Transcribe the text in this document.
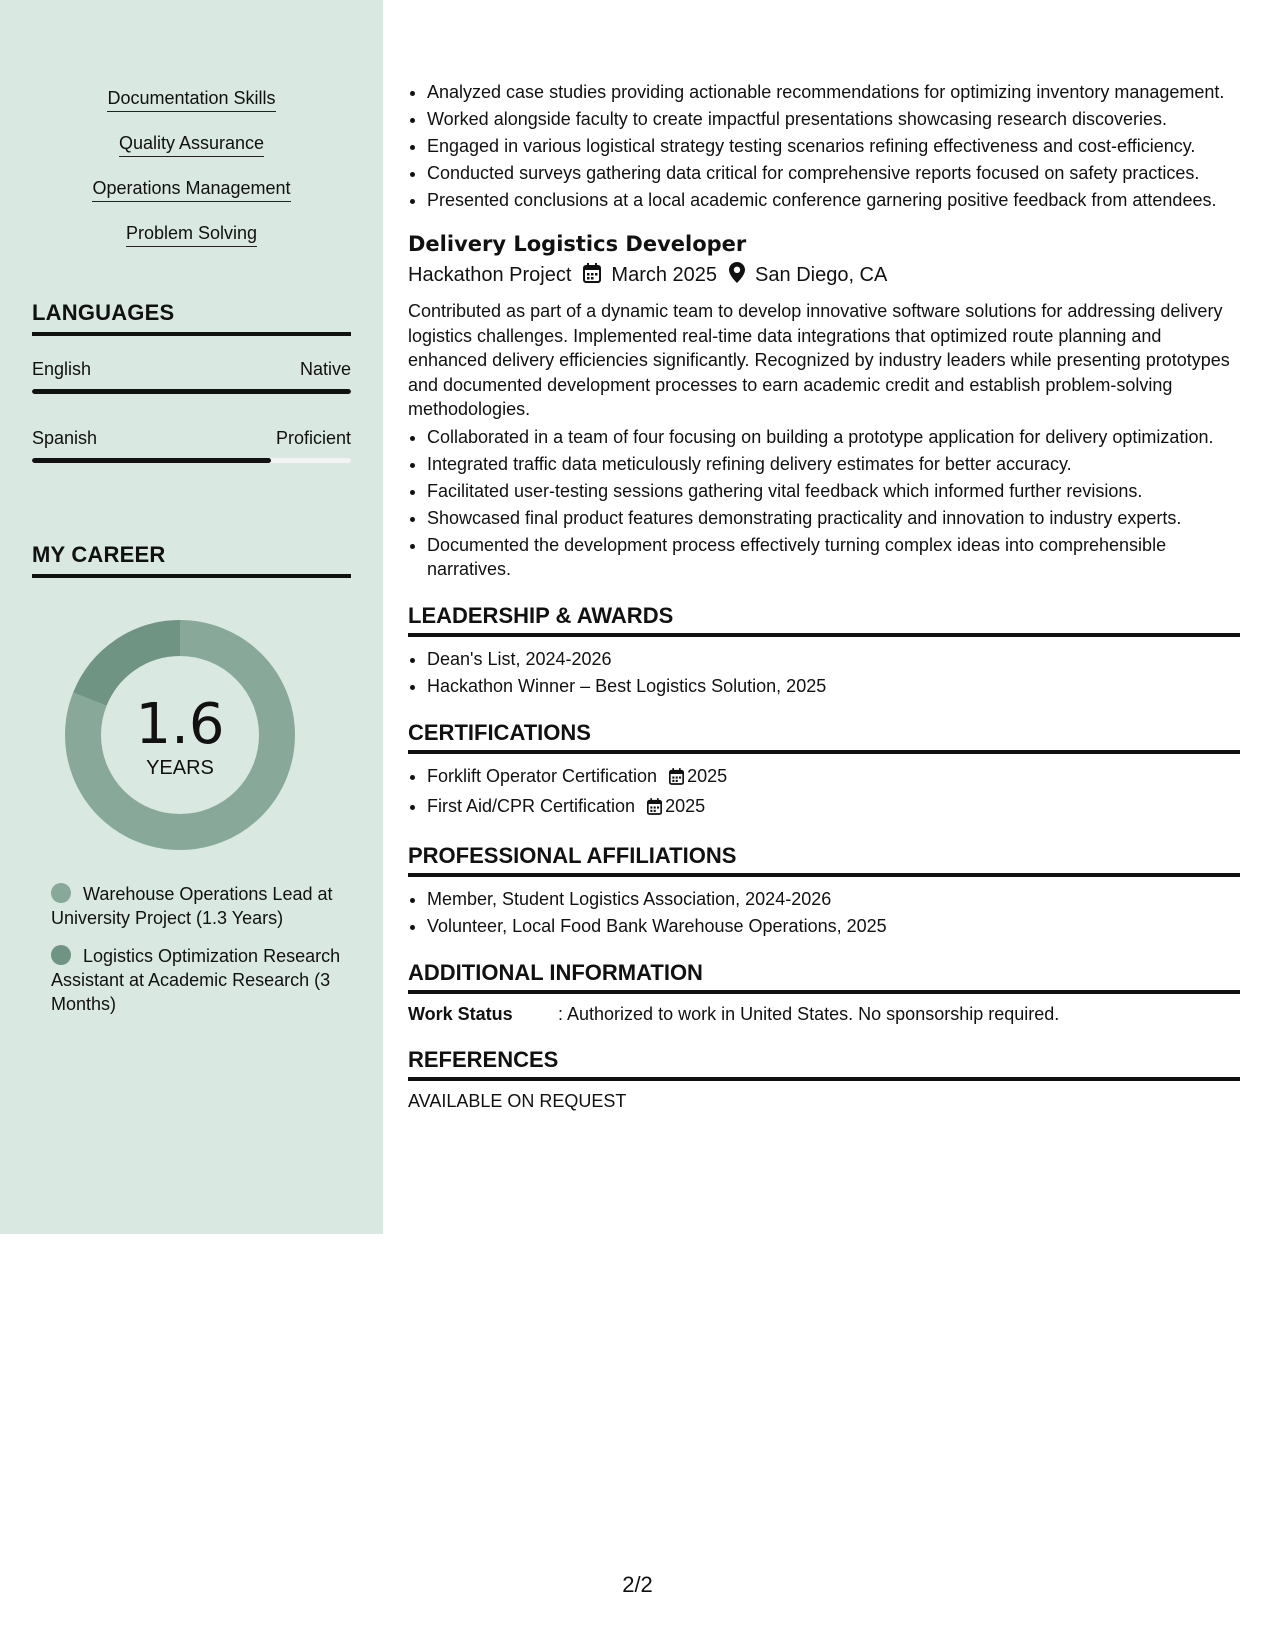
Documentation Skills
Quality Assurance
Operations Management
Problem Solving
LANGUAGES
English	Native
Spanish	Proficient
MY CAREER
1.6
YEARS
Warehouse Operations Lead at University Project (1.3 Years)
Logistics Optimization Research Assistant at Academic Research (3 Months)
• Analyzed case studies providing actionable recommendations for optimizing inventory management.
• Worked alongside faculty to create impactful presentations showcasing research discoveries.
• Engaged in various logistical strategy testing scenarios refining effectiveness and cost-efficiency.
• Conducted surveys gathering data critical for comprehensive reports focused on safety practices.
• Presented conclusions at a local academic conference garnering positive feedback from attendees.
Delivery Logistics Developer
Hackathon Project March 2025 San Diego, CA
Contributed as part of a dynamic team to develop innovative software solutions for addressing delivery logistics challenges. Implemented real-time data integrations that optimized route planning and enhanced delivery efficiencies significantly. Recognized by industry leaders while presenting prototypes and documented development processes to earn academic credit and establish problem-solving methodologies.
• Collaborated in a team of four focusing on building a prototype application for delivery optimization.
• Integrated traffic data meticulously refining delivery estimates for better accuracy.
• Facilitated user-testing sessions gathering vital feedback which informed further revisions.
• Showcased final product features demonstrating practicality and innovation to industry experts.
• Documented the development process effectively turning complex ideas into comprehensible narratives.
LEADERSHIP & AWARDS
• Dean's List, 2024-2026
• Hackathon Winner – Best Logistics Solution, 2025
CERTIFICATIONS
• Forklift Operator Certification 2025
• First Aid/CPR Certification 2025
PROFESSIONAL AFFILIATIONS
• Member, Student Logistics Association, 2024-2026
• Volunteer, Local Food Bank Warehouse Operations, 2025
ADDITIONAL INFORMATION
Work Status	: Authorized to work in United States. No sponsorship required.
REFERENCES
AVAILABLE ON REQUEST
2/2
